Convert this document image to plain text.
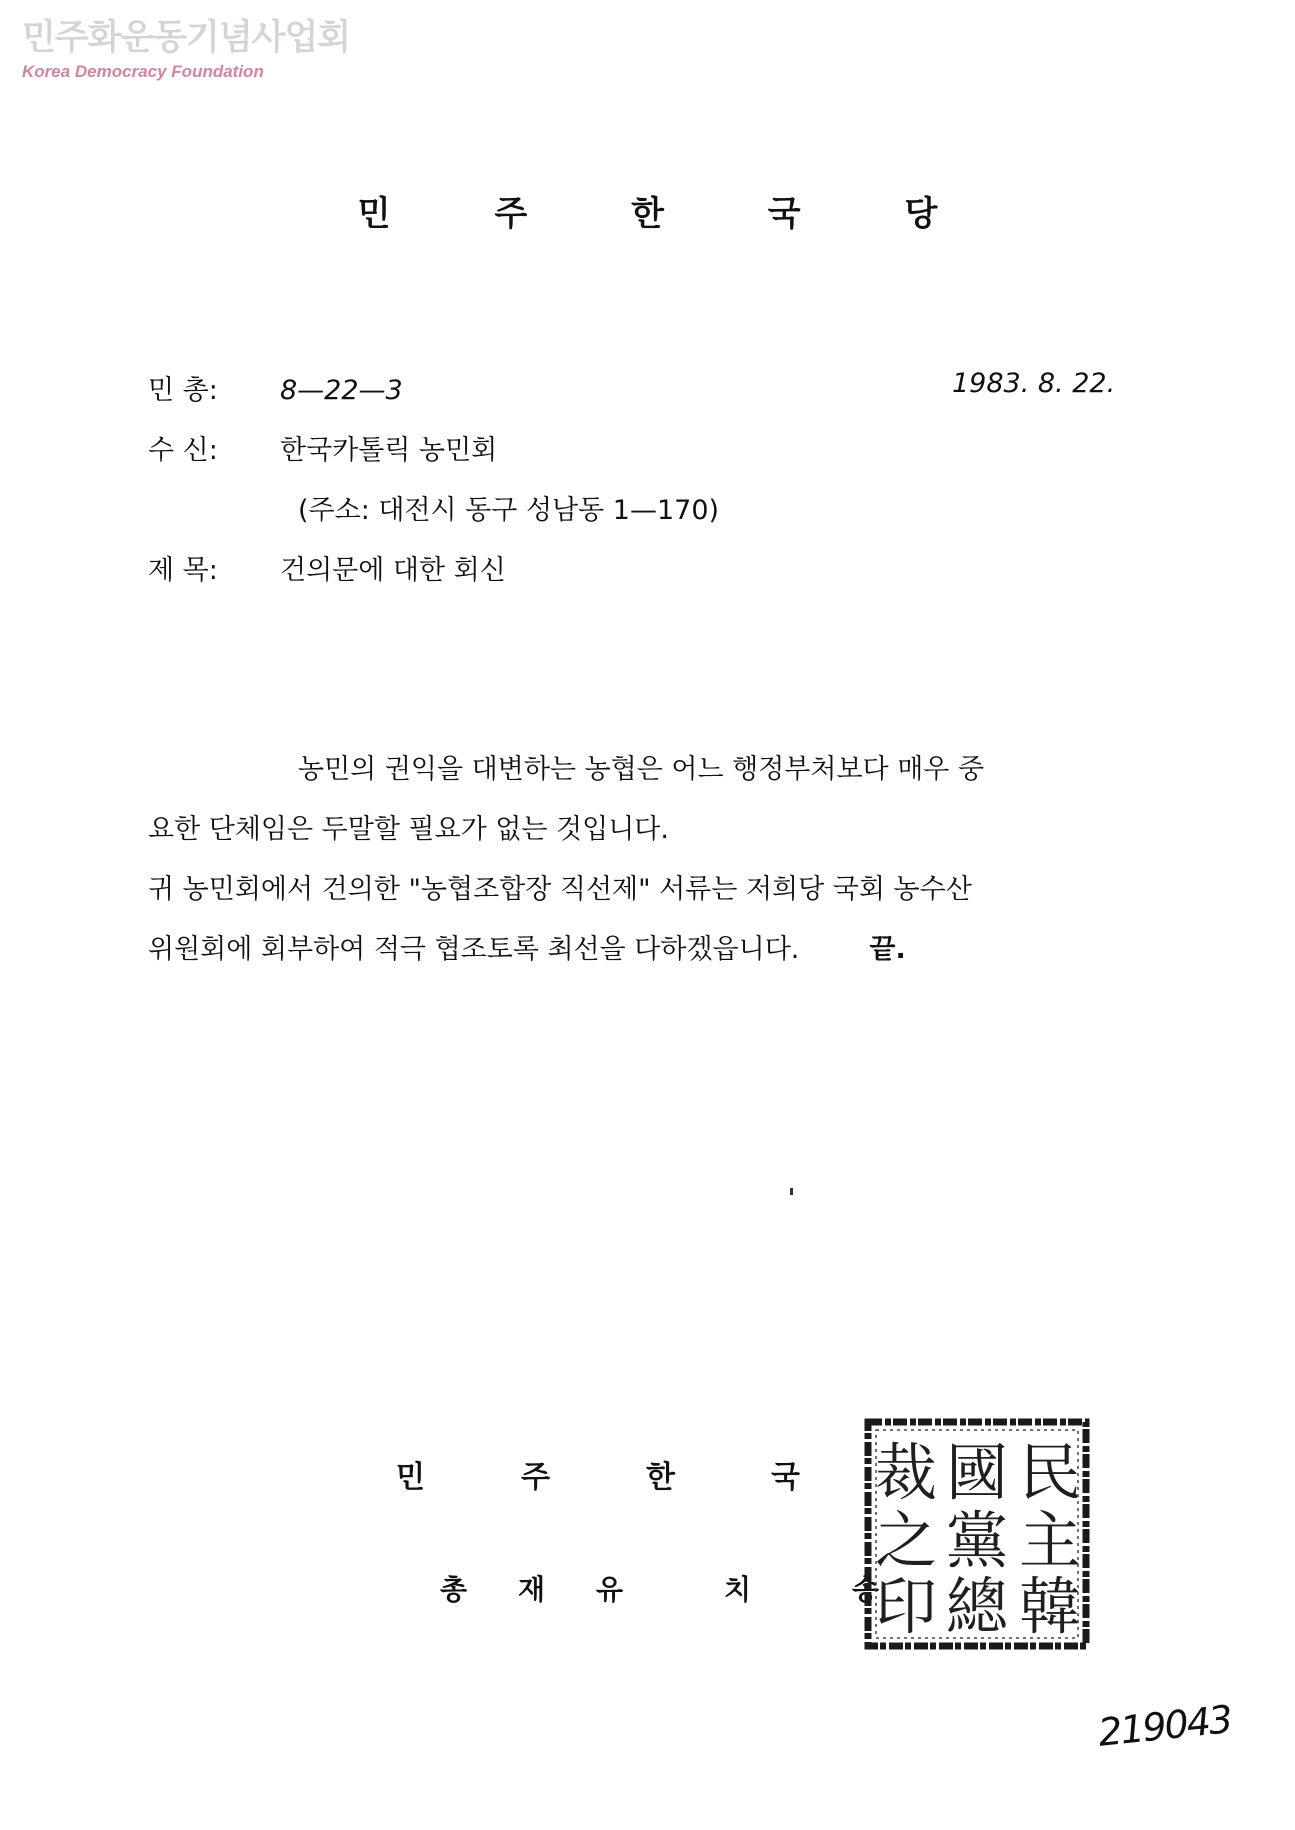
민주화운동기념사업회
Korea Democracy Foundation
민	주	한	국	당
민 총: 8—22—3	1983. 8. 22.
수 신: 한국카톨릭 농민회
(주소: 대전시 동구 성남동 1—170)
제 목: 건의문에 대한 회신

농민의 권익을 대변하는 농협은 어느 행정부처보다 매우 중

요한 단체임은 두말할 필요가 없는 것입니다.

귀 농민회에서 건의한 "농협조합장 직선제" 서류는 저희당 국회 농수산

위원회에 회부하여 적극 협조토록 최선을 다하겠읍니다.	끝.

민	주	한	국
총 재 유	치	송
民
主
韓
國
黨
總
裁
之
印
219043
